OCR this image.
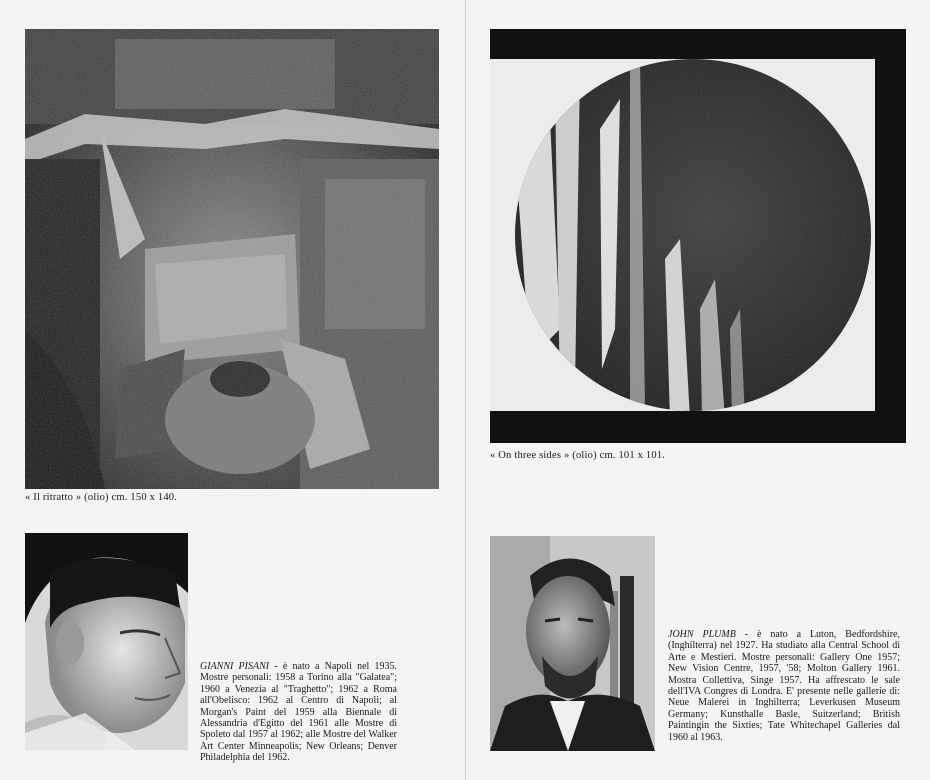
« Il ritratto » (olio) cm. 150 x 140.
« On three sides » (olio) cm. 101 x 101.
GIANNI PISANI - è nato a Napoli nel 1935. Mostre personali: 1958 a Torino alla "Galatea"; 1960 a Venezia al "Traghetto"; 1962 a Roma all'Obelisco: 1962 al Centro di Napoli; al Morgan's Paint del 1959 alla Biennale di Alessandria d'Egitto del 1961 alle Mostre di Spoleto dal 1957 al 1962; alle Mostre del Walker Art Center Minneapolis; New Orleans; Denver Philadelphia del 1962.
JOHN PLUMB - è nato a Luton, Bedfordshire, (Inghilterra) nel 1927. Ha studiato alla Central School di Arte e Mestieri. Mostre personali: Gallery One 1957; New Vision Centre, 1957, '58; Molton Gallery 1961. Mostra Collettiva, Singe 1957. Ha affrescato le sale dell'IVA Congres di Londra. E' presente nelle gallerie di: Neue Malerei in Inghilterra; Leverkusen Museum Germany; Kunsthalle Basle, Suitzerland; British Paintingin the Sixties; Tate Whitechapel Galleries dal 1960 al 1963.
